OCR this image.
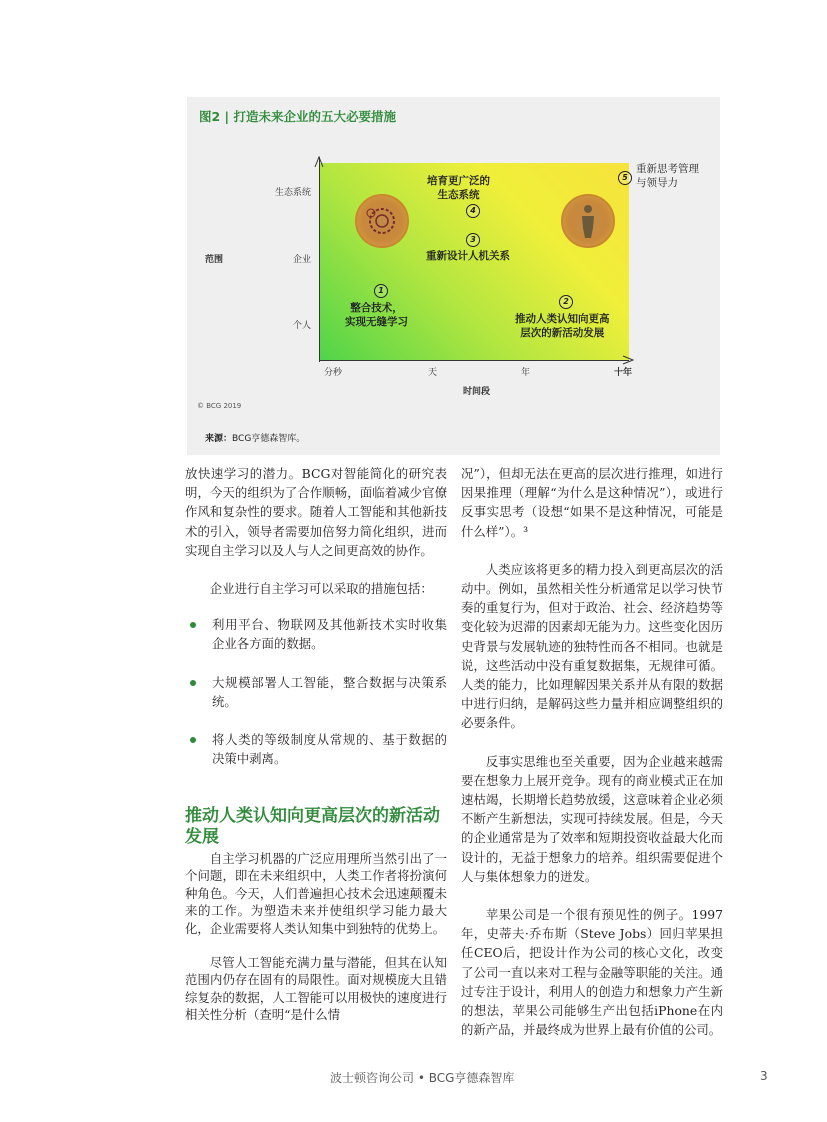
图2 | 打造未来企业的五大必要措施
范围
生态系统
企业
个人
分秒	天	年	十年
时间段
培育更广泛的
生态系统
4
3
重新设计人机关系
1
整合技术，
实现无缝学习
2
推动人类认知向更高
层次的新活动发展
5
重新思考管理
与领导力
© BCG 2019
来源：BCG亨德森智库。

放快速学习的潜力。BCG对智能简化的研究表明，今天的组织为了合作顺畅，面临着减少官僚作风和复杂性的要求。随着人工智能和其他新技术的引入，领导者需要加倍努力简化组织，进而实现自主学习以及人与人之间更高效的协作。

企业进行自主学习可以采取的措施包括：

利用平台、物联网及其他新技术实时收集企业各方面的数据。
大规模部署人工智能，整合数据与决策系统。
将人类的等级制度从常规的、基于数据的决策中剥离。
推动人类认知向更高层次的新活动发展

自主学习机器的广泛应用理所当然引出了一个问题，即在未来组织中，人类工作者将扮演何种角色。今天，人们普遍担心技术会迅速颠覆未来的工作。为塑造未来并使组织学习能力最大化，企业需要将人类认知集中到独特的优势上。

尽管人工智能充满力量与潜能，但其在认知范围内仍存在固有的局限性。面对规模庞大且错综复杂的数据，人工智能可以用极快的速度进行相关性分析（查明“是什么情

况”），但却无法在更高的层次进行推理，如进行因果推理（理解“为什么是这种情况”），或进行反事实思考（设想“如果不是这种情况，可能是什么样”）。³

人类应该将更多的精力投入到更高层次的活动中。例如，虽然相关性分析通常足以学习快节奏的重复行为，但对于政治、社会、经济趋势等变化较为迟滞的因素却无能为力。这些变化因历史背景与发展轨迹的独特性而各不相同。也就是说，这些活动中没有重复数据集，无规律可循。人类的能力，比如理解因果关系并从有限的数据中进行归纳，是解码这些力量并相应调整组织的必要条件。

反事实思维也至关重要，因为企业越来越需要在想象力上展开竞争。现有的商业模式正在加速枯竭，长期增长趋势放缓，这意味着企业必须不断产生新想法，实现可持续发展。但是，今天的企业通常是为了效率和短期投资收益最大化而设计的，无益于想象力的培养。组织需要促进个人与集体想象力的迸发。

苹果公司是一个很有预见性的例子。1997年，史蒂夫·乔布斯（Steve Jobs）回归苹果担任CEO后，把设计作为公司的核心文化，改变了公司一直以来对工程与金融等职能的关注。通过专注于设计，利用人的创造力和想象力产生新的想法，苹果公司能够生产出包括iPhone在内的新产品，并最终成为世界上最有价值的公司。

波士顿咨询公司 • BCG亨德森智库	3
